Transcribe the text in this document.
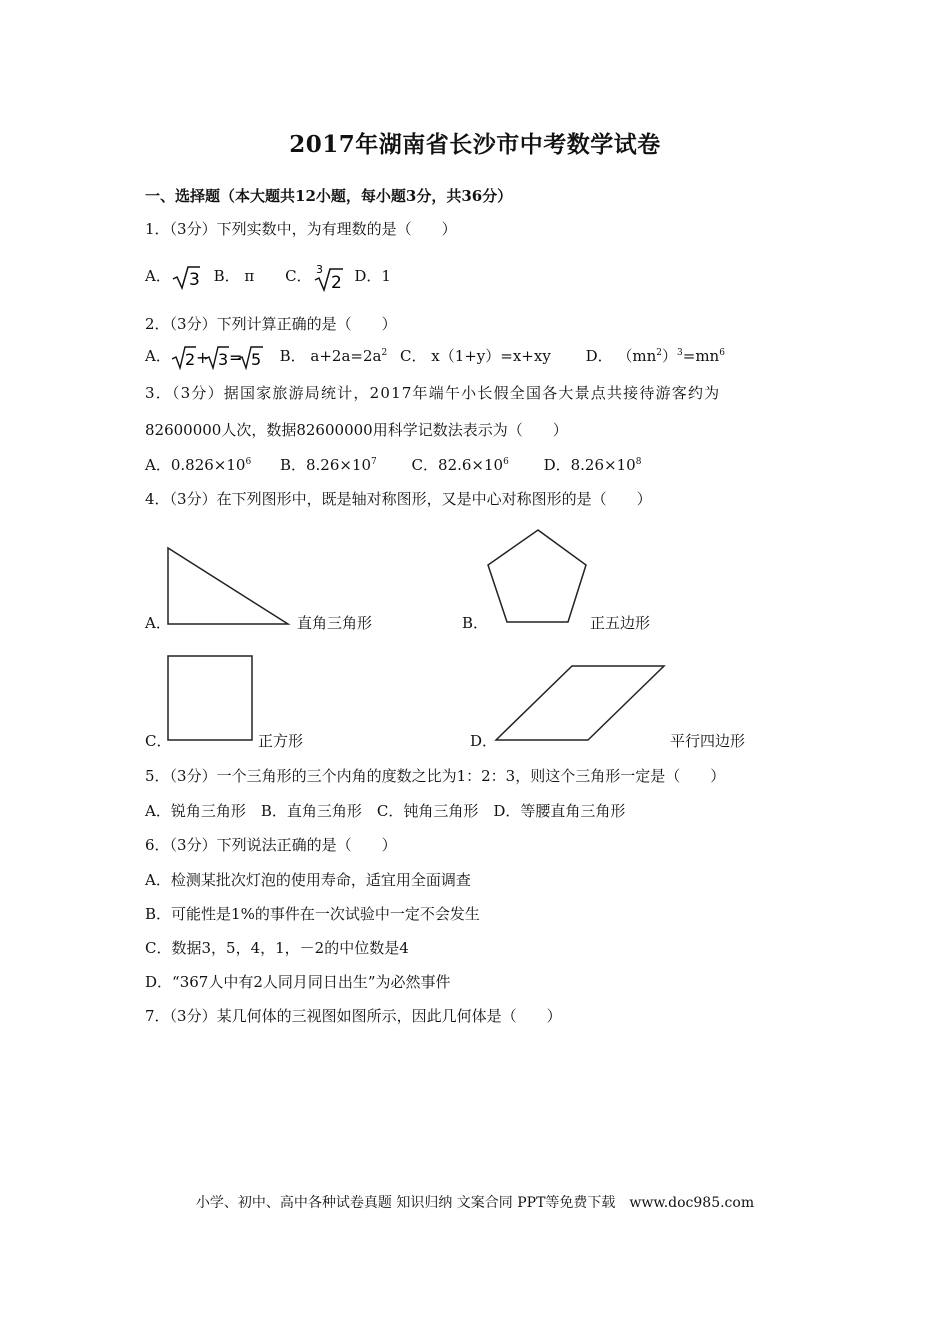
2017年湖南省长沙市中考数学试卷
一、选择题（本大题共12小题，每小题3分，共36分）
1．（3分）下列实数中，为有理数的是（　　）
A． 3 B． π C． 3
2 D．1
2．（3分）下列计算正确的是（　　）
A． 2 + 3 = 5 B． $a+2a=2a^2$ C． x（1+y）=x+xy D． $(mn^2)^3=mn^6$
3．（3分）据国家旅游局统计，2017年端午小长假全国各大景点共接待游客约为
82600000人次，数据82600000用科学记数法表示为（　　）
A．$0.826\times 10^6$ B．$8.26\times 10^7$ C．$82.6\times 10^6$ D．$8.26\times 10^8$
4．（3分）在下列图形中，既是轴对称图形，又是中心对称图形的是（　　）
A．	直角三角形	B．	正五边形
C．	正方形	D．	平行四边形
5．（3分）一个三角形的三个内角的度数之比为1：2：3，则这个三角形一定是（　　）
A．锐角三角形　B．直角三角形　C．钝角三角形　D．等腰直角三角形
6．（3分）下列说法正确的是（　　）
A．检测某批次灯泡的使用寿命，适宜用全面调查
B．可能性是1%的事件在一次试验中一定不会发生
C．数据3，5，4，1，－2的中位数是4
D．“367人中有2人同月同日出生”为必然事件
7．（3分）某几何体的三视图如图所示，因此几何体是（　　）
小学、初中、高中各种试卷真题 知识归纳 文案合同 PPT等免费下载　www.doc985.com
